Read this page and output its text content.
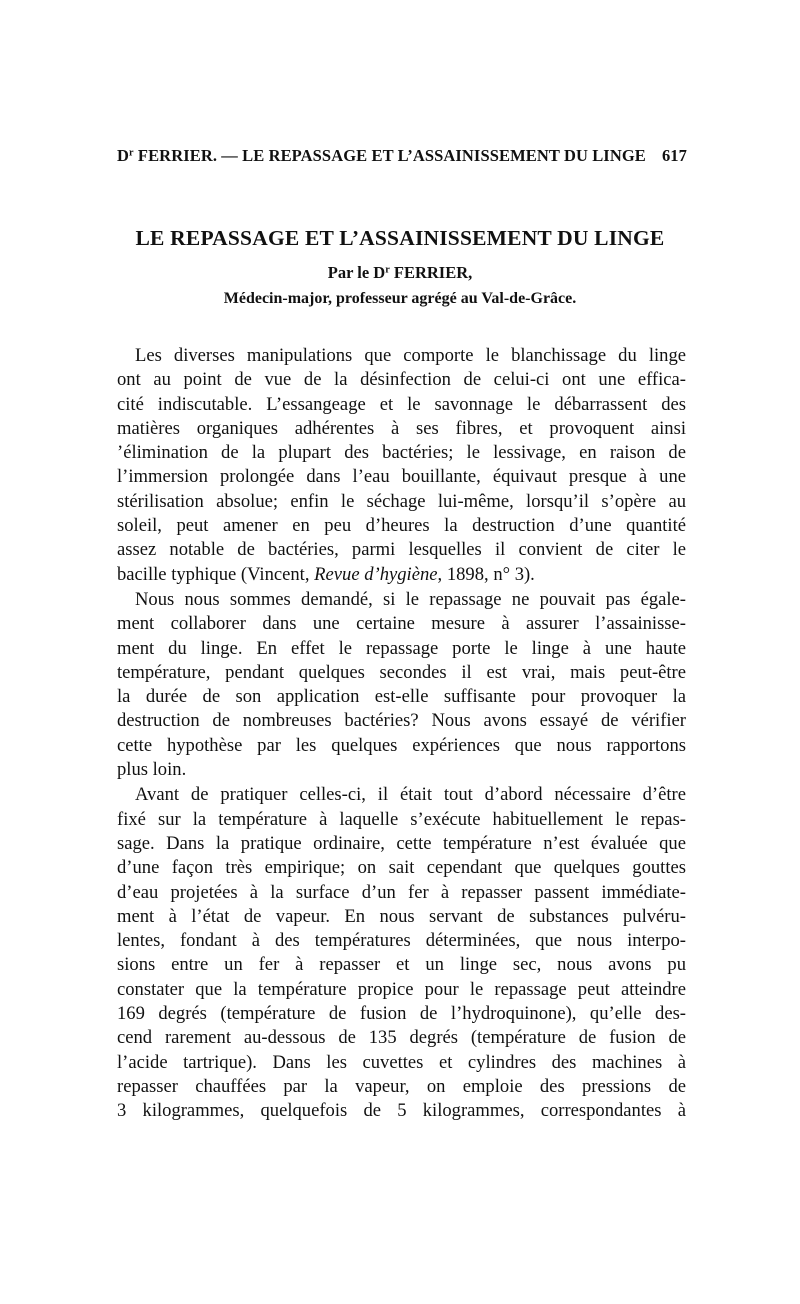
$D^r$ FERRIER. — LE REPASSAGE ET L’ASSAINISSEMENT DU LINGE 617
LE REPASSAGE ET L’ASSAINISSEMENT DU LINGE
Par le $D^r$ FERRIER,
Médecin-major, professeur agrégé au Val-de-Grâce.

Les diverses manipulations que comporte le blanchissage du linge
ont au point de vue de la désinfection de celui-ci ont une effica-
cité indiscutable. L’essangeage et le savonnage le débarrassent des
matières organiques adhérentes à ses fibres, et provoquent ainsi
’élimination de la plupart des bactéries; le lessivage, en raison de
l’immersion prolongée dans l’eau bouillante, équivaut presque à une
stérilisation absolue; enfin le séchage lui-même, lorsqu’il s’opère au
soleil, peut amener en peu d’heures la destruction d’une quantité
assez notable de bactéries, parmi lesquelles il convient de citer le
bacille typhique (Vincent, Revue d’hygiène, 1898, n° 3).

Nous nous sommes demandé, si le repassage ne pouvait pas égale-
ment collaborer dans une certaine mesure à assurer l’assainisse-
ment du linge. En effet le repassage porte le linge à une haute
température, pendant quelques secondes il est vrai, mais peut-être
la durée de son application est-elle suffisante pour provoquer la
destruction de nombreuses bactéries? Nous avons essayé de vérifier
cette hypothèse par les quelques expériences que nous rapportons
plus loin.

Avant de pratiquer celles-ci, il était tout d’abord nécessaire d’être
fixé sur la température à laquelle s’exécute habituellement le repas-
sage. Dans la pratique ordinaire, cette température n’est évaluée que
d’une façon très empirique; on sait cependant que quelques gouttes
d’eau projetées à la surface d’un fer à repasser passent immédiate-
ment à l’état de vapeur. En nous servant de substances pulvéru-
lentes, fondant à des températures déterminées, que nous interpo-
sions entre un fer à repasser et un linge sec, nous avons pu
constater que la température propice pour le repassage peut atteindre
169 degrés (température de fusion de l’hydroquinone), qu’elle des-
cend rarement au-dessous de 135 degrés (température de fusion de
l’acide tartrique). Dans les cuvettes et cylindres des machines à
repasser chauffées par la vapeur, on emploie des pressions de
3 kilogrammes, quelquefois de 5 kilogrammes, correspondantes à
